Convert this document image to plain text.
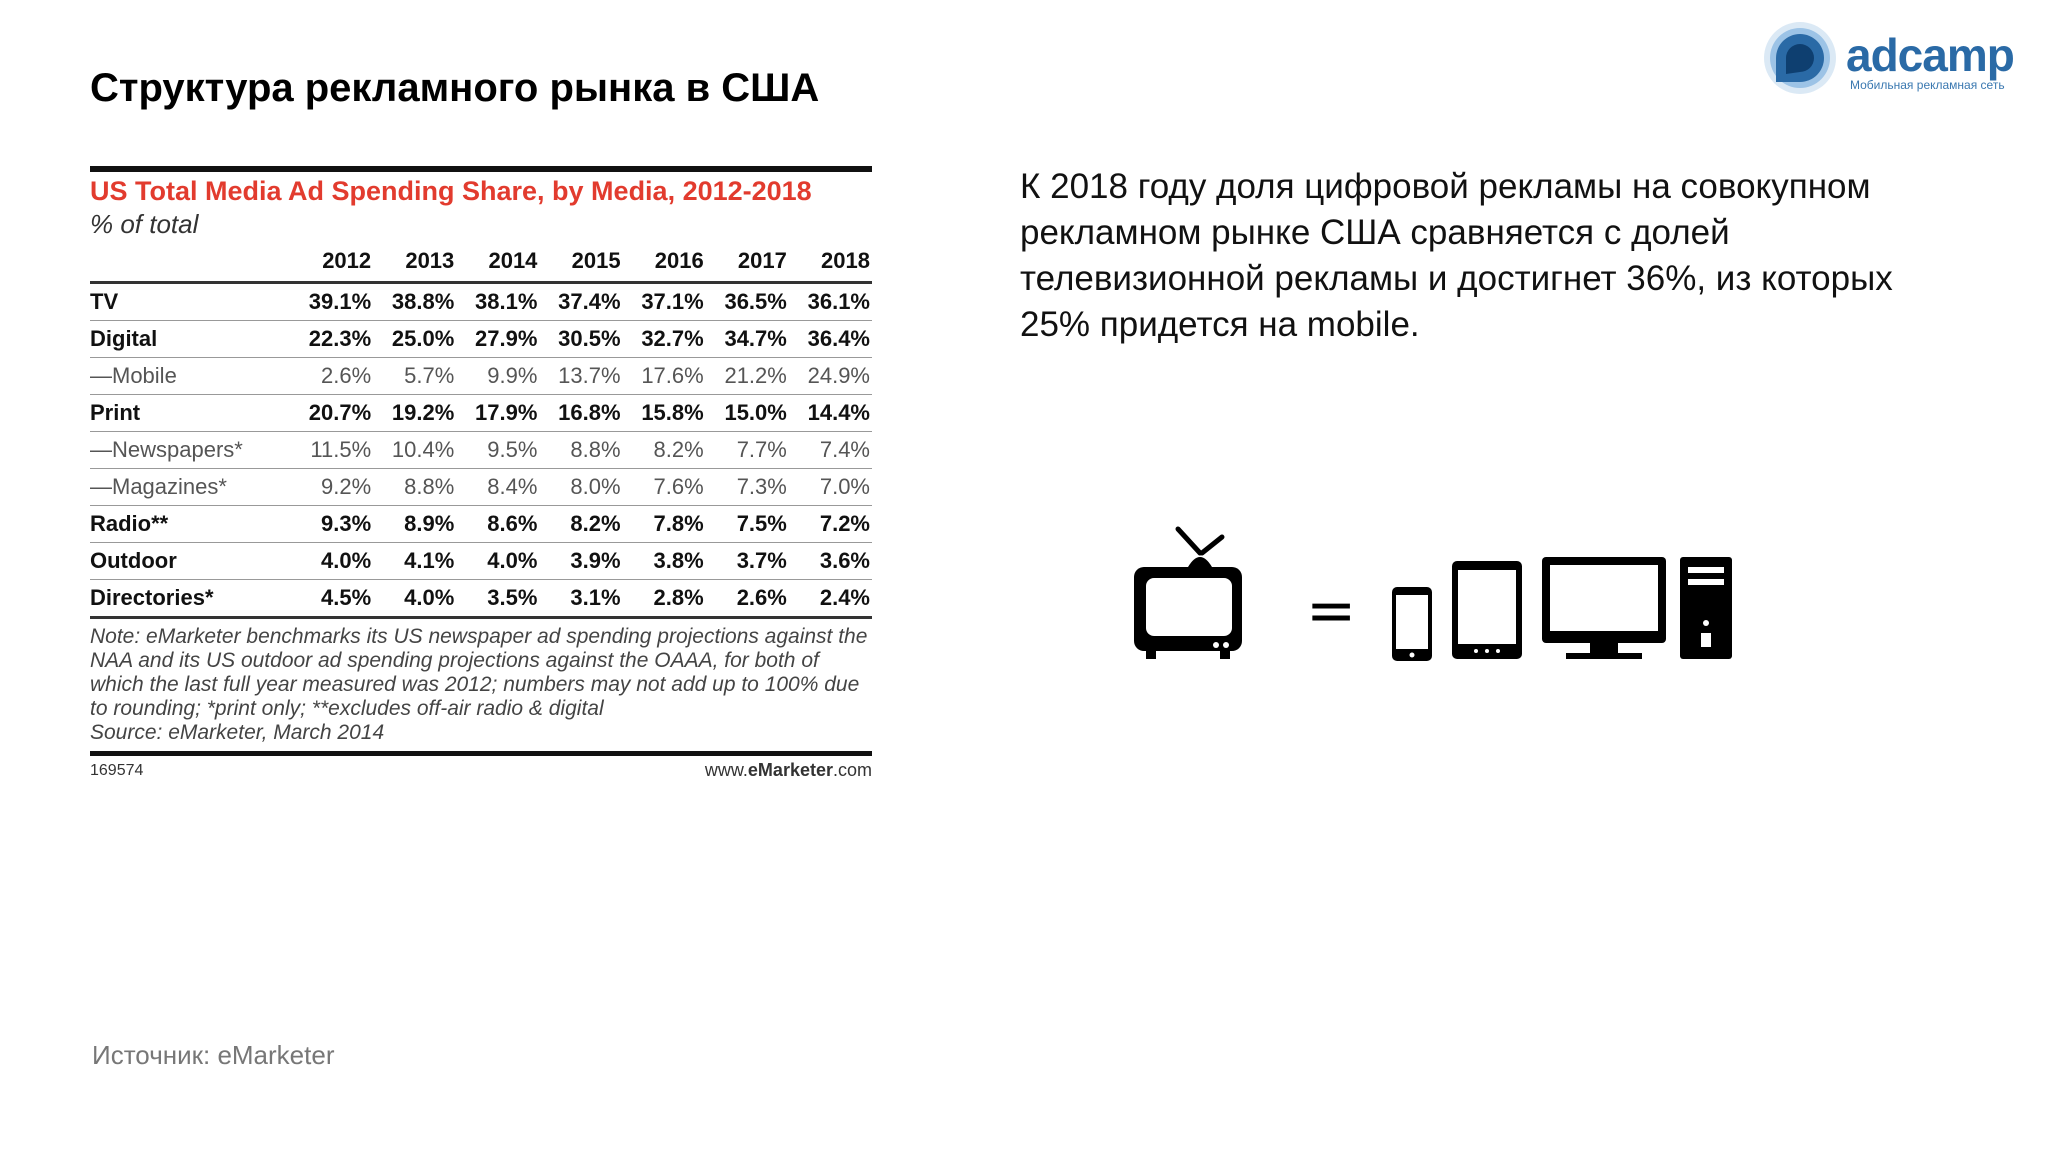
Структура рекламного рынка в США
adcamp
Мобильная рекламная сеть
US Total Media Ad Spending Share, by Media, 2012-2018
% of total
	2012	2013	2014	2015	2016	2017	2018
TV	39.1%	38.8%	38.1%	37.4%	37.1%	36.5%	36.1%
Digital	22.3%	25.0%	27.9%	30.5%	32.7%	34.7%	36.4%
—Mobile	2.6%	5.7%	9.9%	13.7%	17.6%	21.2%	24.9%
Print	20.7%	19.2%	17.9%	16.8%	15.8%	15.0%	14.4%
—Newspapers*	11.5%	10.4%	9.5%	8.8%	8.2%	7.7%	7.4%
—Magazines*	9.2%	8.8%	8.4%	8.0%	7.6%	7.3%	7.0%
Radio**	9.3%	8.9%	8.6%	8.2%	7.8%	7.5%	7.2%
Outdoor	4.0%	4.1%	4.0%	3.9%	3.8%	3.7%	3.6%
Directories*	4.5%	4.0%	3.5%	3.1%	2.8%	2.6%	2.4%
Note: eMarketer benchmarks its US newspaper ad spending projections against the NAA and its US outdoor ad spending projections against the OAAA, for both of which the last full year measured was 2012; numbers may not add up to 100% due to rounding; *print only; **excludes off-air radio & digital
Source: eMarketer, March 2014
169574	www.eMarketer.com
К 2018 году доля цифровой рекламы на совокупном рекламном рынке США сравняется с долей телевизионной рекламы и достигнет 36%, из которых 25% придется на mobile.
=
Источник: eMarketer
